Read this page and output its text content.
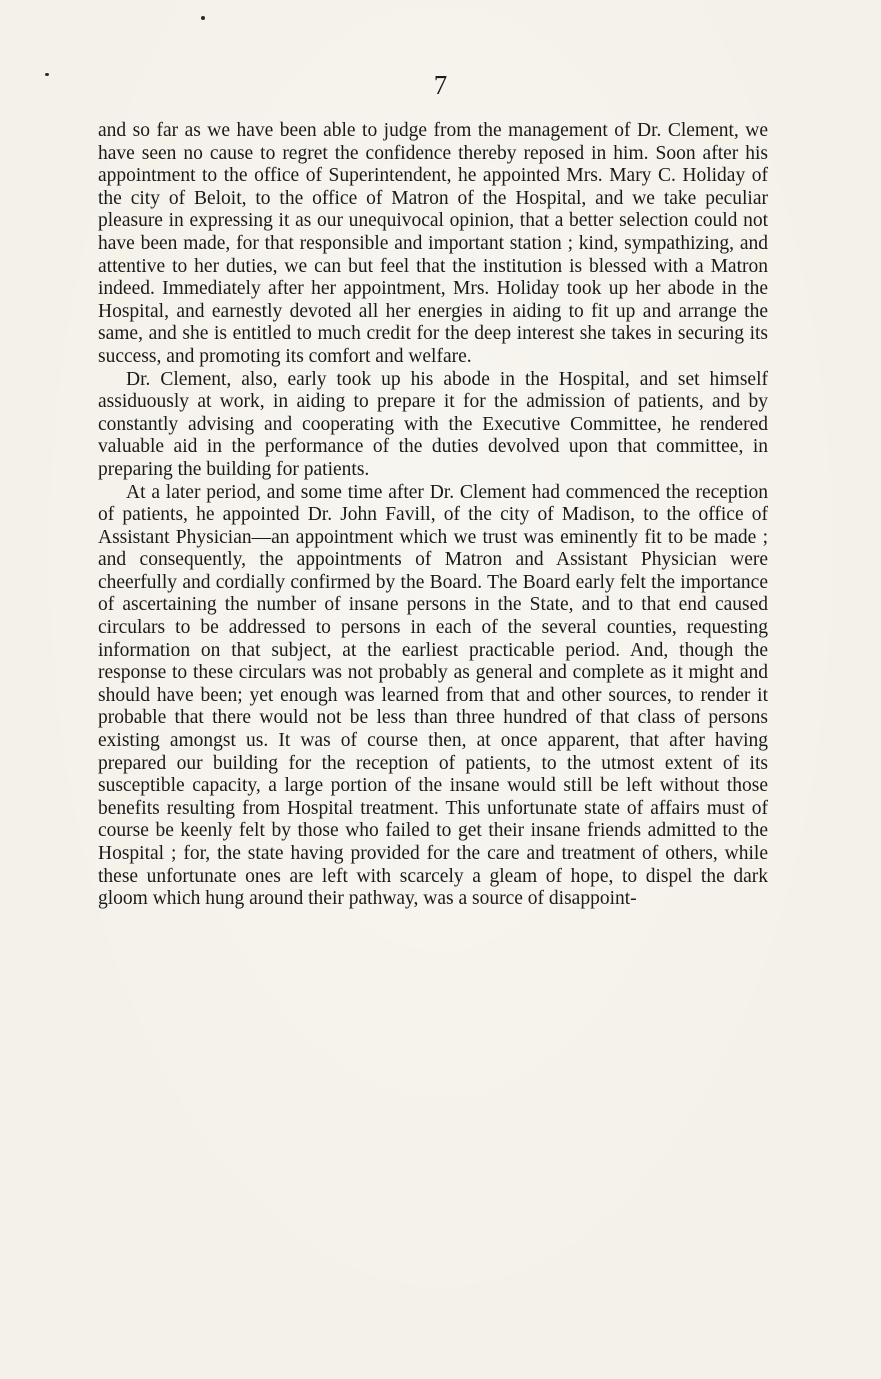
7

and so far as we have been able to judge from the management of Dr. Clement, we have seen no cause to regret the confidence thereby reposed in him. Soon after his appointment to the office of Superintendent, he appointed Mrs. Mary C. Holiday of the city of Beloit, to the office of Matron of the Hospital, and we take peculiar pleasure in expressing it as our unequivocal opinion, that a better selection could not have been made, for that responsible and important station ; kind, sympathizing, and attentive to her duties, we can but feel that the institution is blessed with a Matron indeed. Immediately after her appointment, Mrs. Holiday took up her abode in the Hospital, and earnestly devoted all her energies in aiding to fit up and arrange the same, and she is entitled to much credit for the deep interest she takes in securing its success, and promoting its comfort and welfare.

Dr. Clement, also, early took up his abode in the Hospital, and set himself assiduously at work, in aiding to prepare it for the admission of patients, and by constantly advising and cooperating with the Executive Committee, he rendered valuable aid in the performance of the duties devolved upon that committee, in preparing the building for patients.

At a later period, and some time after Dr. Clement had commenced the reception of patients, he appointed Dr. John Favill, of the city of Madison, to the office of Assistant Physician—an appointment which we trust was eminently fit to be made ; and consequently, the appointments of Matron and Assistant Physician were cheerfully and cordially confirmed by the Board. The Board early felt the importance of ascertaining the number of insane persons in the State, and to that end caused circulars to be addressed to persons in each of the several counties, requesting information on that subject, at the earliest practicable period. And, though the response to these circulars was not probably as general and complete as it might and should have been; yet enough was learned from that and other sources, to render it probable that there would not be less than three hundred of that class of persons existing amongst us. It was of course then, at once apparent, that after having prepared our building for the reception of patients, to the utmost extent of its susceptible capacity, a large portion of the insane would still be left without those benefits resulting from Hospital treatment. This unfortunate state of affairs must of course be keenly felt by those who failed to get their insane friends admitted to the Hospital ; for, the state having provided for the care and treatment of others, while these unfortunate ones are left with scarcely a gleam of hope, to dispel the dark gloom which hung around their pathway, was a source of disappoint-
